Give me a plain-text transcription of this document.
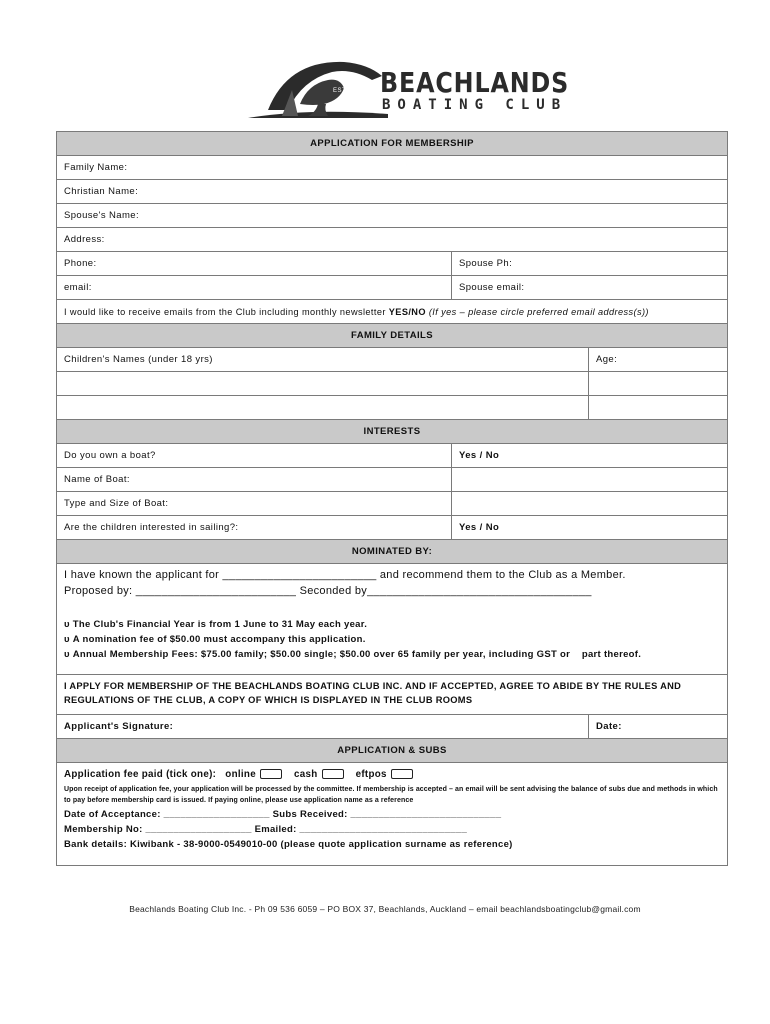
EST.1959 BEACHLANDS
BOATING CLUB
APPLICATION FOR MEMBERSHIP
Family Name:
Christian Name:
Spouse's Name:
Address:
Phone:	Spouse Ph:
email:	Spouse email:
I would like to receive emails from the Club including monthly newsletter YES/NO (If yes – please circle preferred email address(s))
FAMILY DETAILS
Children's Names (under 18 yrs)	Age:
INTERESTS
Do you own a boat?	Yes / No
Name of Boat:
Type and Size of Boat:
Are the children interested in sailing?:	Yes / No
NOMINATED BY:

I have known the applicant for ________________________ and recommend them to the Club as a Member.

Proposed by: _________________________ Seconded by___________________________________

υ The Club's Financial Year is from 1 June to 31 May each year.

υ A nomination fee of $50.00 must accompany this application.

υ Annual Membership Fees: $75.00 family; $50.00 single; $50.00 over 65 family per year, including GST or    part thereof.

I APPLY FOR MEMBERSHIP OF THE BEACHLANDS BOATING CLUB INC. AND IF ACCEPTED, AGREE TO ABIDE BY THE RULES AND REGULATIONS OF THE CLUB, A COPY OF WHICH IS DISPLAYED IN THE CLUB ROOMS
Applicant's Signature:	Date:
APPLICATION & SUBS
Application fee paid (tick one): online	cash	eftpos
Upon receipt of application fee, your application will be processed by the committee. If membership is accepted – an email will be sent advising the balance of subs due and methods in which to pay before membership card is issued. If paying online, please use application name as a reference
Date of Acceptance: ___________________ Subs Received: ___________________________
Membership No: ___________________ Emailed: ______________________________
Bank details: Kiwibank - 38-9000-0549010-00 (please quote application surname as reference)
Beachlands Boating Club Inc. - Ph 09 536 6059 – PO BOX 37, Beachlands, Auckland – email beachlandsboatingclub@gmail.com
